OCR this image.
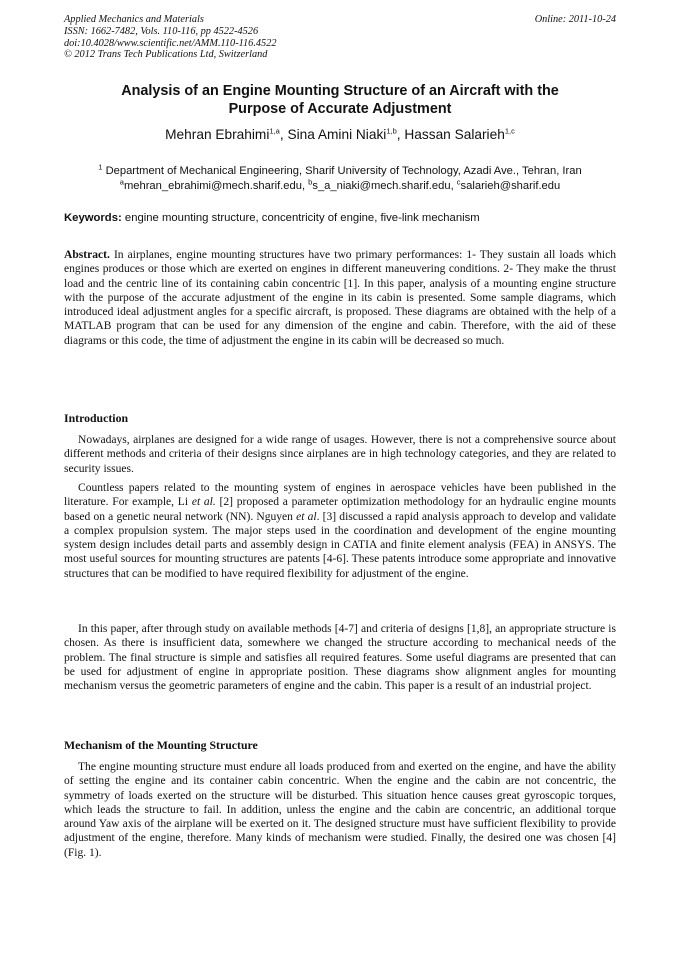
Applied Mechanics and Materials
ISSN: 1662-7482, Vols. 110-116, pp 4522-4526
doi:10.4028/www.scientific.net/AMM.110-116.4522
© 2012 Trans Tech Publications Ltd, Switzerland
Online: 2011-10-24
Analysis of an Engine Mounting Structure of an Aircraft with the
Purpose of Accurate Adjustment
Mehran Ebrahimi$^{1,a}$, Sina Amini Niaki$^{1,b}$, Hassan Salarieh$^{1,c}$
$^1$ Department of Mechanical Engineering, Sharif University of Technology, Azadi Ave., Tehran, Iran
$^a$mehran_ebrahimi@mech.sharif.edu, $^b$s_a_niaki@mech.sharif.edu, $^c$salarieh@sharif.edu
Keywords: engine mounting structure, concentricity of engine, five-link mechanism

Abstract. In airplanes, engine mounting structures have two primary performances: 1- They sustain all loads which engines produces or those which are exerted on engines in different maneuvering conditions. 2- They make the thrust load and the centric line of its containing cabin concentric [1]. In this paper, analysis of a mounting engine structure with the purpose of the accurate adjustment of the engine in its cabin is presented. Some sample diagrams, which introduced ideal adjustment angles for a specific aircraft, is proposed. These diagrams are obtained with the help of a MATLAB program that can be used for any dimension of the engine and cabin. Therefore, with the aid of these diagrams or this code, the time of adjustment the engine in its cabin will be decreased so much.

Introduction

Nowadays, airplanes are designed for a wide range of usages. However, there is not a comprehensive source about different methods and criteria of their designs since airplanes are in high technology categories, and they are related to security issues.

Countless papers related to the mounting system of engines in aerospace vehicles have been published in the literature. For example, Li et al. [2] proposed a parameter optimization methodology for an hydraulic engine mounts based on a genetic neural network (NN). Nguyen et al. [3] discussed a rapid analysis approach to develop and validate a complex propulsion system. The major steps used in the coordination and development of the engine mounting system design includes detail parts and assembly design in CATIA and finite element analysis (FEA) in ANSYS. The most useful sources for mounting structures are patents [4-6]. These patents introduce some appropriate and innovative structures that can be modified to have required flexibility for adjustment of the engine.

In this paper, after through study on available methods [4-7] and criteria of designs [1,8], an appropriate structure is chosen. As there is insufficient data, somewhere we changed the structure according to mechanical needs of the problem. The final structure is simple and satisfies all required features. Some useful diagrams are presented that can be used for adjustment of engine in appropriate position. These diagrams show alignment angles for mounting mechanism versus the geometric parameters of engine and the cabin. This paper is a result of an industrial project.

Mechanism of the Mounting Structure

The engine mounting structure must endure all loads produced from and exerted on the engine, and have the ability of setting the engine and its container cabin concentric. When the engine and the cabin are not concentric, the symmetry of loads exerted on the structure will be disturbed. This situation hence causes great gyroscopic torques, which leads the structure to fail. In addition, unless the engine and the cabin are concentric, an additional torque around Yaw axis of the airplane will be exerted on it. The designed structure must have sufficient flexibility to provide adjustment of the engine, therefore. Many kinds of mechanism were studied. Finally, the desired one was chosen [4] (Fig. 1).
